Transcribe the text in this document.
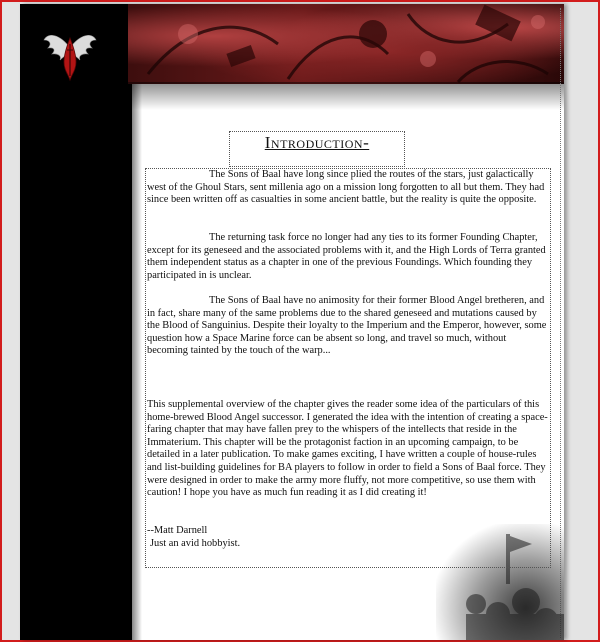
Introduction-

The Sons of Baal have long since plied the routes of the stars, just galactically west of the Ghoul Stars, sent millenia ago on a mission long forgotten to all but them. They had since been written off as casualties in some ancient battle, but the reality is quite the opposite.

The returning task force no longer had any ties to its former Founding Chapter, except for its geneseed and the associated problems with it, and the High Lords of Terra granted them independent status as a chapter in one of the previous Foundings. Which founding they participated in is unclear.

The Sons of Baal have no animosity for their former Blood Angel bretheren, and in fact, share many of the same problems due to the shared geneseed and mutations caused by the Blood of Sanguinius. Despite their loyalty to the Imperium and the Emperor, however, some question how a Space Marine force can be absent so long, and travel so much, without becoming tainted by the touch of the warp...

This supplemental overview of the chapter gives the reader some idea of the particulars of this home-brewed Blood Angel successor. I generated the idea with the intention of creating a space-faring chapter that may have fallen prey to the whispers of the intellects that reside in the Immaterium. This chapter will be the protagonist faction in an upcoming campaign, to be detailed in a later publication. To make games exciting, I have written a couple of house-rules and list-building guidelines for BA players to follow in order to field a Sons of Baal force. They were designed in order to make the army more fluffy, not more competitive, so use them with caution! I hope you have as much fun reading it as I did creating it!

--Matt Darnell

Just an avid hobbyist.
